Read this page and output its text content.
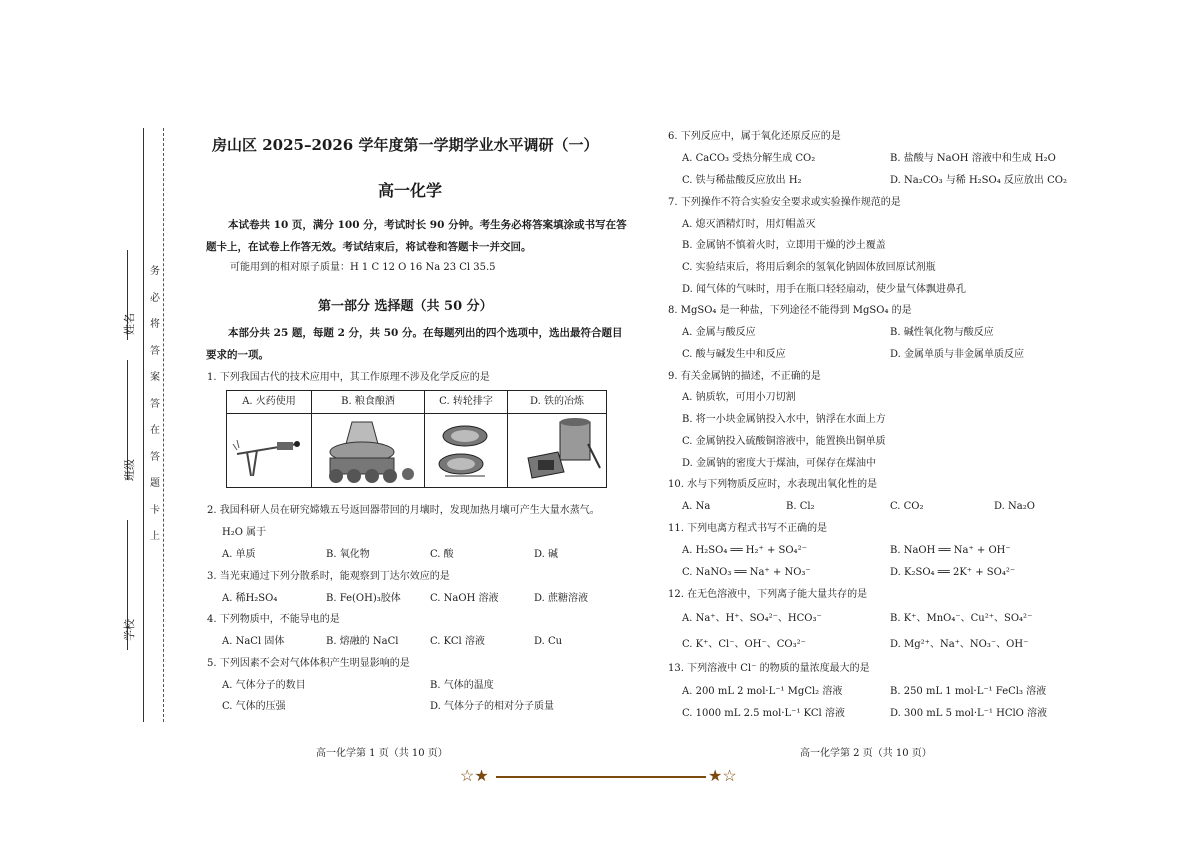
姓名
班级
学校
务
必
将
答
案
答
在
答
题
卡
上
房山区 2025–2026 学年度第一学期学业水平调研（一）
高一化学
本试卷共 10 页，满分 100 分，考试时长 90 分钟。考生务必将答案填涂或书写在答
题卡上，在试卷上作答无效。考试结束后，将试卷和答题卡一并交回。
可能用到的相对原子质量：H 1 C 12 O 16 Na 23 Cl 35.5
第一部分 选择题（共 50 分）
本部分共 25 题，每题 2 分，共 50 分。在每题列出的四个选项中，选出最符合题目
要求的一项。
1. 下列我国古代的技术应用中，其工作原理不涉及化学反应的是
A. 火药使用	B. 粮食酿酒	C. 转轮排字	D. 铁的冶炼

2. 我国科研人员在研究嫦娥五号返回器带回的月壤时，发现加热月壤可产生大量水蒸气。
H₂O 属于
A. 单质	B. 氧化物	C. 酸	D. 碱
3. 当光束通过下列分散系时，能观察到丁达尔效应的是
A. 稀H₂SO₄	B. Fe(OH)₃胶体	C. NaOH 溶液	D. 蔗糖溶液
4. 下列物质中，不能导电的是
A. NaCl 固体	B. 熔融的 NaCl	C. KCl 溶液	D. Cu
5. 下列因素不会对气体体积产生明显影响的是
A. 气体分子的数目	B. 气体的温度
C. 气体的压强	D. 气体分子的相对分子质量
高一化学第 1 页（共 10 页）
6. 下列反应中，属于氧化还原反应的是
A. CaCO₃ 受热分解生成 CO₂	B. 盐酸与 NaOH 溶液中和生成 H₂O
C. 铁与稀盐酸反应放出 H₂	D. Na₂CO₃ 与稀 H₂SO₄ 反应放出 CO₂
7. 下列操作不符合实验安全要求或实验操作规范的是
A. 熄灭酒精灯时，用灯帽盖灭
B. 金属钠不慎着火时，立即用干燥的沙土覆盖
C. 实验结束后，将用后剩余的氢氧化钠固体放回原试剂瓶
D. 闻气体的气味时，用手在瓶口轻轻扇动，使少量气体飘进鼻孔
8. MgSO₄ 是一种盐，下列途径不能得到 MgSO₄ 的是
A. 金属与酸反应	B. 碱性氧化物与酸反应
C. 酸与碱发生中和反应	D. 金属单质与非金属单质反应
9. 有关金属钠的描述，不正确的是
A. 钠质软，可用小刀切割
B. 将一小块金属钠投入水中，钠浮在水面上方
C. 金属钠投入硫酸铜溶液中，能置换出铜单质
D. 金属钠的密度大于煤油，可保存在煤油中
10. 水与下列物质反应时，水表现出氧化性的是
A. Na	B. Cl₂	C. CO₂	D. Na₂O
11. 下列电离方程式书写不正确的是
A. H₂SO₄ ══ H₂⁺ + SO₄²⁻	B. NaOH ══ Na⁺ + OH⁻
C. NaNO₃ ══ Na⁺ + NO₃⁻	D. K₂SO₄ ══ 2K⁺ + SO₄²⁻
12. 在无色溶液中，下列离子能大量共存的是
A. Na⁺、H⁺、SO₄²⁻、HCO₃⁻	B. K⁺、MnO₄⁻、Cu²⁺、SO₄²⁻
C. K⁺、Cl⁻、OH⁻、CO₃²⁻	D. Mg²⁺、Na⁺、NO₃⁻、OH⁻
13. 下列溶液中 Cl⁻ 的物质的量浓度最大的是
A. 200 mL 2 mol·L⁻¹ MgCl₂ 溶液	B. 250 mL 1 mol·L⁻¹ FeCl₃ 溶液
C. 1000 mL 2.5 mol·L⁻¹ KCl 溶液	D. 300 mL 5 mol·L⁻¹ HClO 溶液
高一化学第 2 页（共 10 页）
☆★	★☆
